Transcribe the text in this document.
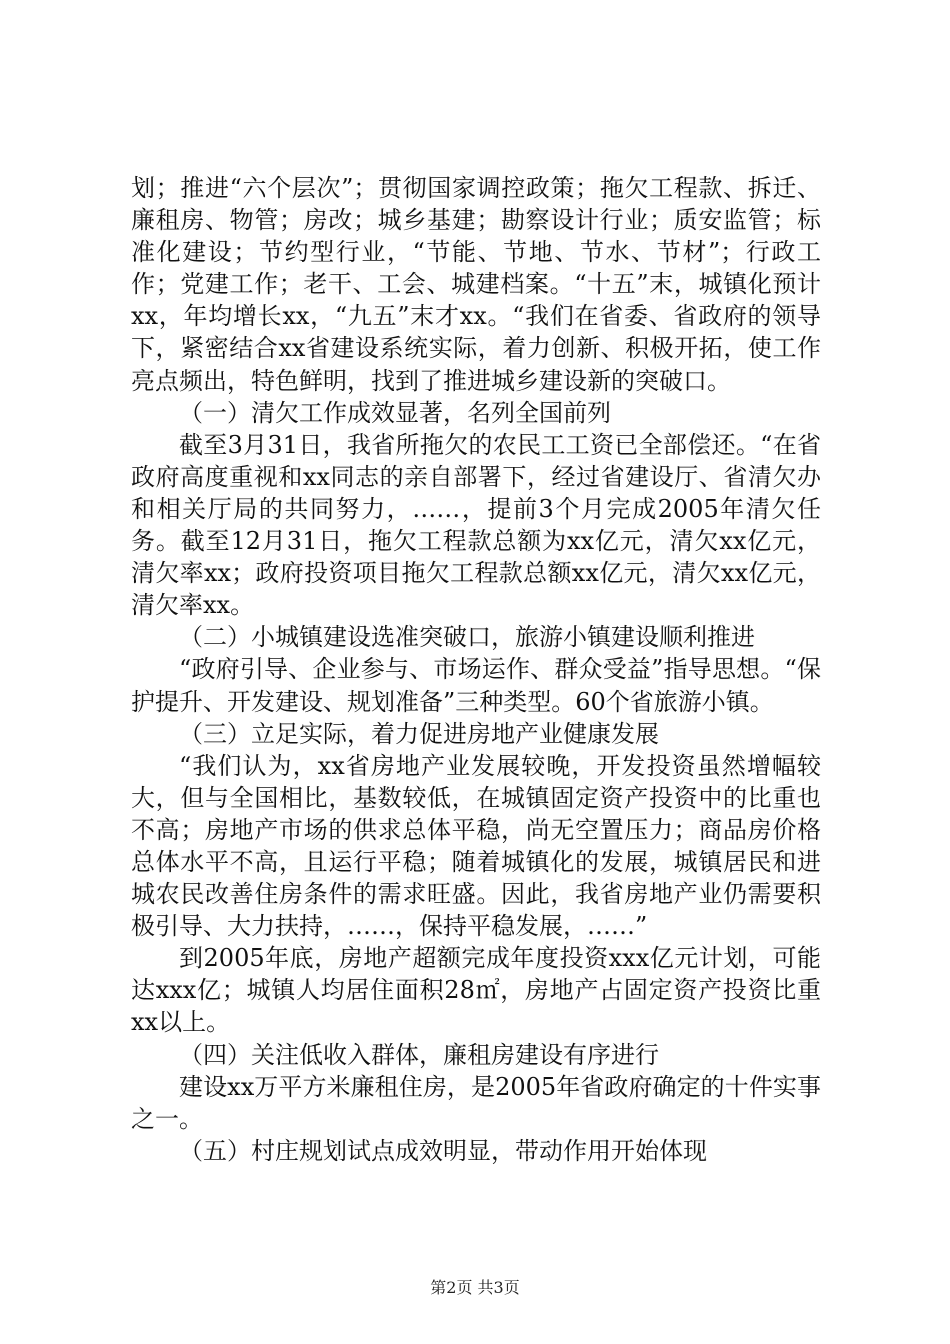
划；推进“六个层次”；贯彻国家调控政策；拖欠工程款、拆迁、廉租房、物管；房改；城乡基建；勘察设计行业；质安监管；标准化建设；节约型行业，“节能、节地、节水、节材”；行政工作；党建工作；老干、工会、城建档案。“十五”末，城镇化预计xx，年均增长xx，“九五”末才xx。“我们在省委、省政府的领导下，紧密结合xx省建设系统实际，着力创新、积极开拓，使工作亮点频出，特色鲜明，找到了推进城乡建设新的突破口。

（一）清欠工作成效显著，名列全国前列

截至3月31日，我省所拖欠的农民工工资已全部偿还。“在省政府高度重视和xx同志的亲自部署下，经过省建设厅、省清欠办和相关厅局的共同努力，……，提前3个月完成2005年清欠任务。截至12月31日，拖欠工程款总额为xx亿元，清欠xx亿元，清欠率xx；政府投资项目拖欠工程款总额xx亿元，清欠xx亿元，清欠率xx。

（二）小城镇建设选准突破口，旅游小镇建设顺利推进

“政府引导、企业参与、市场运作、群众受益”指导思想。“保护提升、开发建设、规划准备”三种类型。60个省旅游小镇。

（三）立足实际，着力促进房地产业健康发展

“我们认为，xx省房地产业发展较晚，开发投资虽然增幅较大，但与全国相比，基数较低，在城镇固定资产投资中的比重也不高；房地产市场的供求总体平稳，尚无空置压力；商品房价格总体水平不高，且运行平稳；随着城镇化的发展，城镇居民和进城农民改善住房条件的需求旺盛。因此，我省房地产业仍需要积极引导、大力扶持，……，保持平稳发展，……”

到2005年底，房地产超额完成年度投资xxx亿元计划，可能达xxx亿；城镇人均居住面积28㎡，房地产占固定资产投资比重xx以上。

（四）关注低收入群体，廉租房建设有序进行

建设xx万平方米廉租住房，是2005年省政府确定的十件实事之一。

（五）村庄规划试点成效明显，带动作用开始体现

第2页 共3页
